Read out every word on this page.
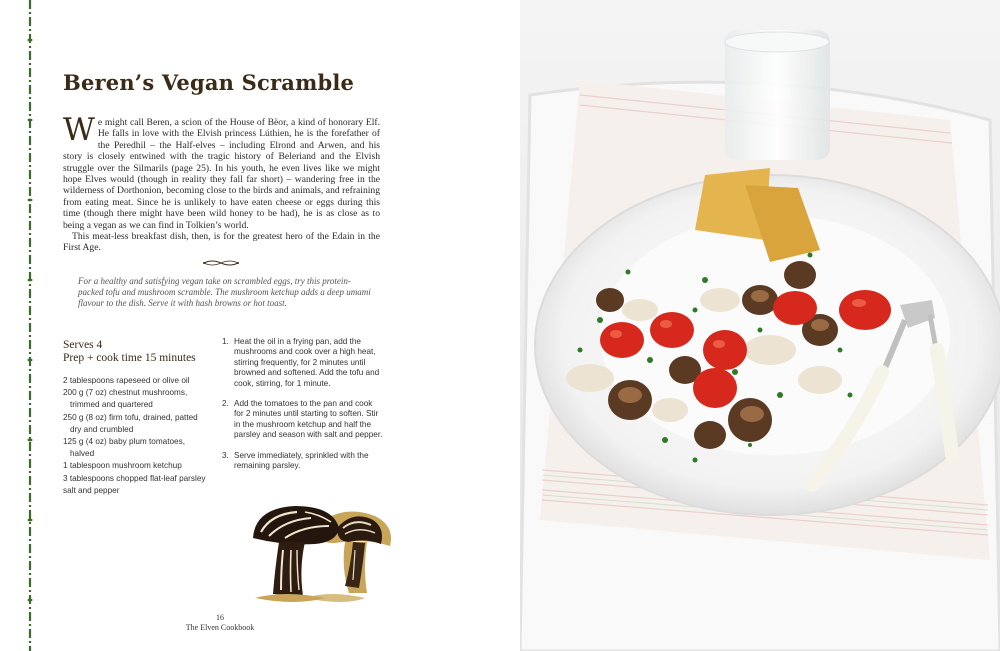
Beren’s Vegan Scramble

We might call Beren, a scion of the House of Bëor, a kind of honorary Elf. He falls in love with the Elvish princess Lúthien, he is the forefather of the Peredhil – the Half-elves – including Elrond and Arwen, and his story is closely entwined with the tragic history of Beleriand and the Elvish struggle over the Silmarils (page 25). In his youth, he even lives like we might hope Elves would (though in reality they fall far short) – wandering free in the wilderness of Dorthonion, becoming close to the birds and animals, and refraining from eating meat. Since he is unlikely to have eaten cheese or eggs during this time (though there might have been wild honey to be had), he is as close as to being a vegan as we can find in Tolkien’s world.

This meat-less breakfast dish, then, is for the greatest hero of the Edain in the First Age.

For a healthy and satisfying vegan take on scrambled eggs, try this protein-packed tofu and mushroom scramble. The mushroom ketchup adds a deep umami flavour to the dish. Serve it with hash browns or hot toast.

Serves 4
Prep + cook time 15 minutes
2 tablespoons rapeseed or olive oil
200 g (7 oz) chestnut mushrooms,
trimmed and quartered
250 g (8 oz) firm tofu, drained, patted
dry and crumbled
125 g (4 oz) baby plum tomatoes,
halved
1 tablespoon mushroom ketchup
3 tablespoons chopped flat-leaf parsley
salt and pepper
1. Heat the oil in a frying pan, add the mushrooms and cook over a high heat, stirring frequently, for 2 minutes until browned and softened. Add the tofu and cook, stirring, for 1 minute.
2. Add the tomatoes to the pan and cook for 2 minutes until starting to soften. Stir in the mushroom ketchup and half the parsley and season with salt and pepper.
3. Serve immediately, sprinkled with the remaining parsley.
16
The Elven Cookbook
